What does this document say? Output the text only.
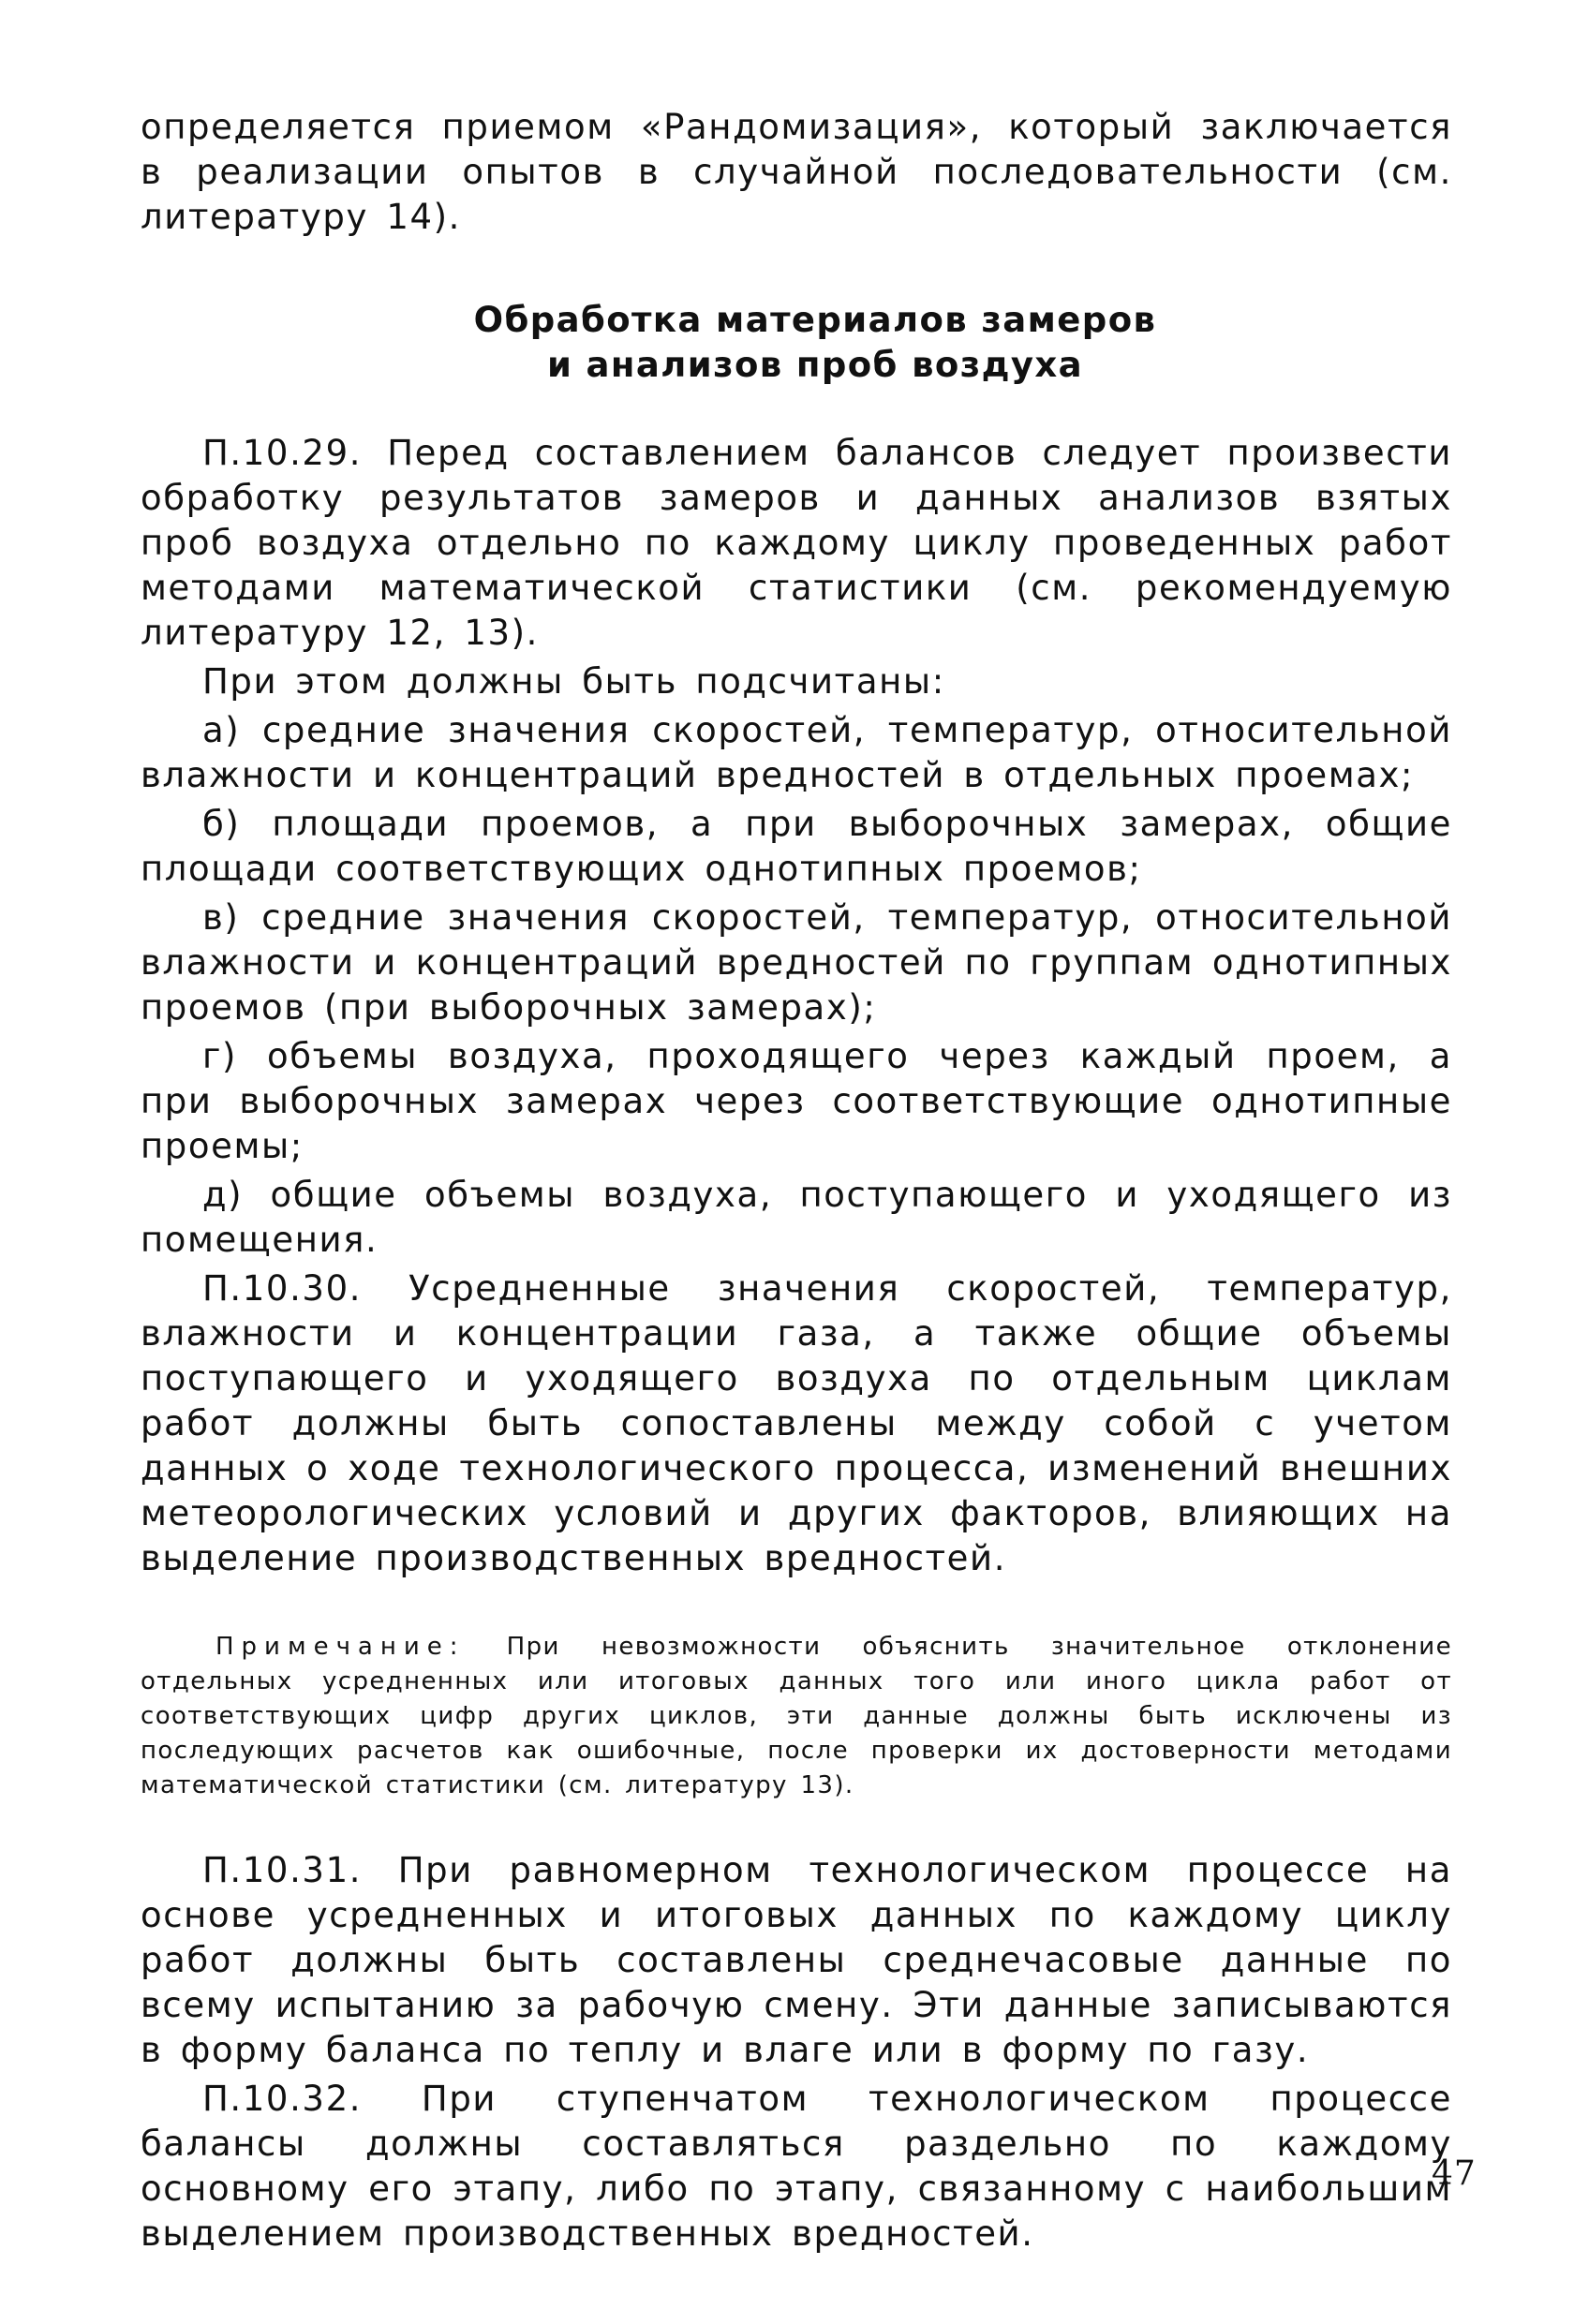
определяется приемом «Рандомизация», который заключается в реализации опытов в случайной последовательности (см. литературу 14).

Обработка материалов замеров
и анализов проб воздуха

П.10.29. Перед составлением балансов следует произвести обработку результатов замеров и данных анализов взятых проб воздуха отдельно по каждому циклу проведенных работ методами математической статистики (см. рекомендуемую литературу 12, 13).

При этом должны быть подсчитаны:

а) средние значения скоростей, температур, относительной влажности и концентраций вредностей в отдельных проемах;

б) площади проемов, а при выборочных замерах, общие площади соответствующих однотипных проемов;

в) средние значения скоростей, температур, относительной влажности и концентраций вредностей по группам однотипных проемов (при выборочных замерах);

г) объемы воздуха, проходящего через каждый проем, а при выборочных замерах через соответствующие однотипные проемы;

д) общие объемы воздуха, поступающего и уходящего из помещения.

П.10.30. Усредненные значения скоростей, температур, влажности и концентрации газа, а также общие объемы поступающего и уходящего воздуха по отдельным циклам работ должны быть сопоставлены между собой с учетом данных о ходе технологического процесса, изменений внешних метеорологических условий и других факторов, влияющих на выделение производственных вредностей.

Примечание: При невозможности объяснить значительное отклонение отдельных усредненных или итоговых данных того или иного цикла работ от соответствующих цифр других циклов, эти данные должны быть исключены из последующих расчетов как ошибочные, после проверки их достоверности методами математической статистики (см. литературу 13).

П.10.31. При равномерном технологическом процессе на основе усредненных и итоговых данных по каждому циклу работ должны быть составлены среднечасовые данные по всему испытанию за рабочую смену. Эти данные записываются в форму баланса по теплу и влаге или в форму по газу.

П.10.32. При ступенчатом технологическом процессе балансы должны составляться раздельно по каждому основному его этапу, либо по этапу, связанному с наибольшим выделением производственных вредностей.

47
